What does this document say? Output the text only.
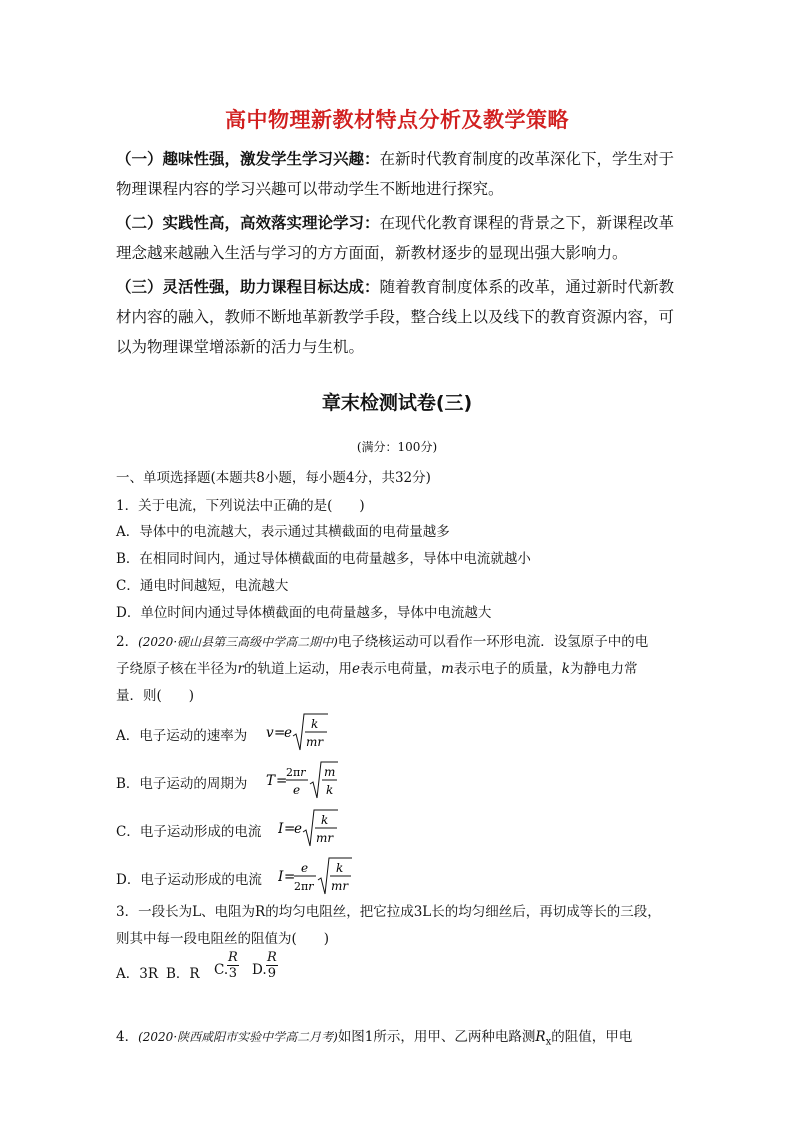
高中物理新教材特点分析及教学策略
（一）趣味性强，激发学生学习兴趣：在新时代教育制度的改革深化下，学生对于物理课程内容的学习兴趣可以带动学生不断地进行探究。
（二）实践性高，高效落实理论学习：在现代化教育课程的背景之下，新课程改革理念越来越融入生活与学习的方方面面，新教材逐步的显现出强大影响力。
（三）灵活性强，助力课程目标达成：随着教育制度体系的改革，通过新时代新教材内容的融入，教师不断地革新教学手段，整合线上以及线下的教育资源内容，可以为物理课堂增添新的活力与生机。
章末检测试卷(三)
(满分：100分)
一、单项选择题(本题共8小题，每小题4分，共32分)
1．关于电流，下列说法中正确的是(　　)
A．导体中的电流越大，表示通过其横截面的电荷量越多
B．在相同时间内，通过导体横截面的电荷量越多，导体中电流就越小
C．通电时间越短，电流越大
D．单位时间内通过导体横截面的电荷量越多，导体中电流越大
2．(2020·砚山县第三高级中学高二期中)电子绕核运动可以看作一环形电流．设氢原子中的电
子绕原子核在半径为r的轨道上运动，用e表示电荷量，m表示电子的质量，k为静电力常
量．则(　　)
A．电子运动的速率为 v =
e
k
mr
B．电子运动的周期为 T =
2πr
e
m
k
C．电子运动形成的电流 I =
e
k
mr
D．电子运动形成的电流 I =
e
2πr
k
mr
3．一段长为L、电阻为R的均匀电阻丝，把它拉成3L长的均匀细丝后，再切成等长的三段，
则其中每一段电阻丝的阻值为(　　)
A．3R B．R C.
$\frac{R}{3} D$. $\frac{R}{9}$
4．(2020·陕西咸阳市实验中学高二月考)如图1所示，用甲、乙两种电路测$R_x$的阻值，甲电
